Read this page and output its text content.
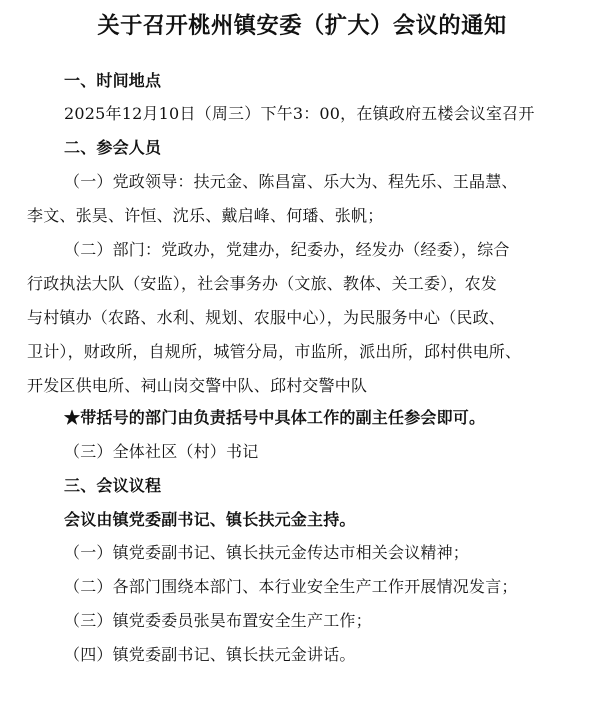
关于召开桃州镇安委（扩大）会议的通知
一、时间地点
2025年12月10日（周三）下午3：00，在镇政府五楼会议室召开
二、参会人员
（一）党政领导：扶元金、陈昌富、乐大为、程先乐、王晶慧、
李文、张昊、许恒、沈乐、戴启峰、何璠、张帆；
（二）部门：党政办，党建办，纪委办，经发办（经委），综合
行政执法大队（安监），社会事务办（文旅、教体、关工委），农发
与村镇办（农路、水利、规划、农服中心），为民服务中心（民政、
卫计），财政所，自规所，城管分局，市监所，派出所，邱村供电所、
开发区供电所、祠山岗交警中队、邱村交警中队
★带括号的部门由负责括号中具体工作的副主任参会即可。
（三）全体社区（村）书记
三、会议议程
会议由镇党委副书记、镇长扶元金主持。
（一）镇党委副书记、镇长扶元金传达市相关会议精神；
（二）各部门围绕本部门、本行业安全生产工作开展情况发言；
（三）镇党委委员张昊布置安全生产工作；
（四）镇党委副书记、镇长扶元金讲话。
